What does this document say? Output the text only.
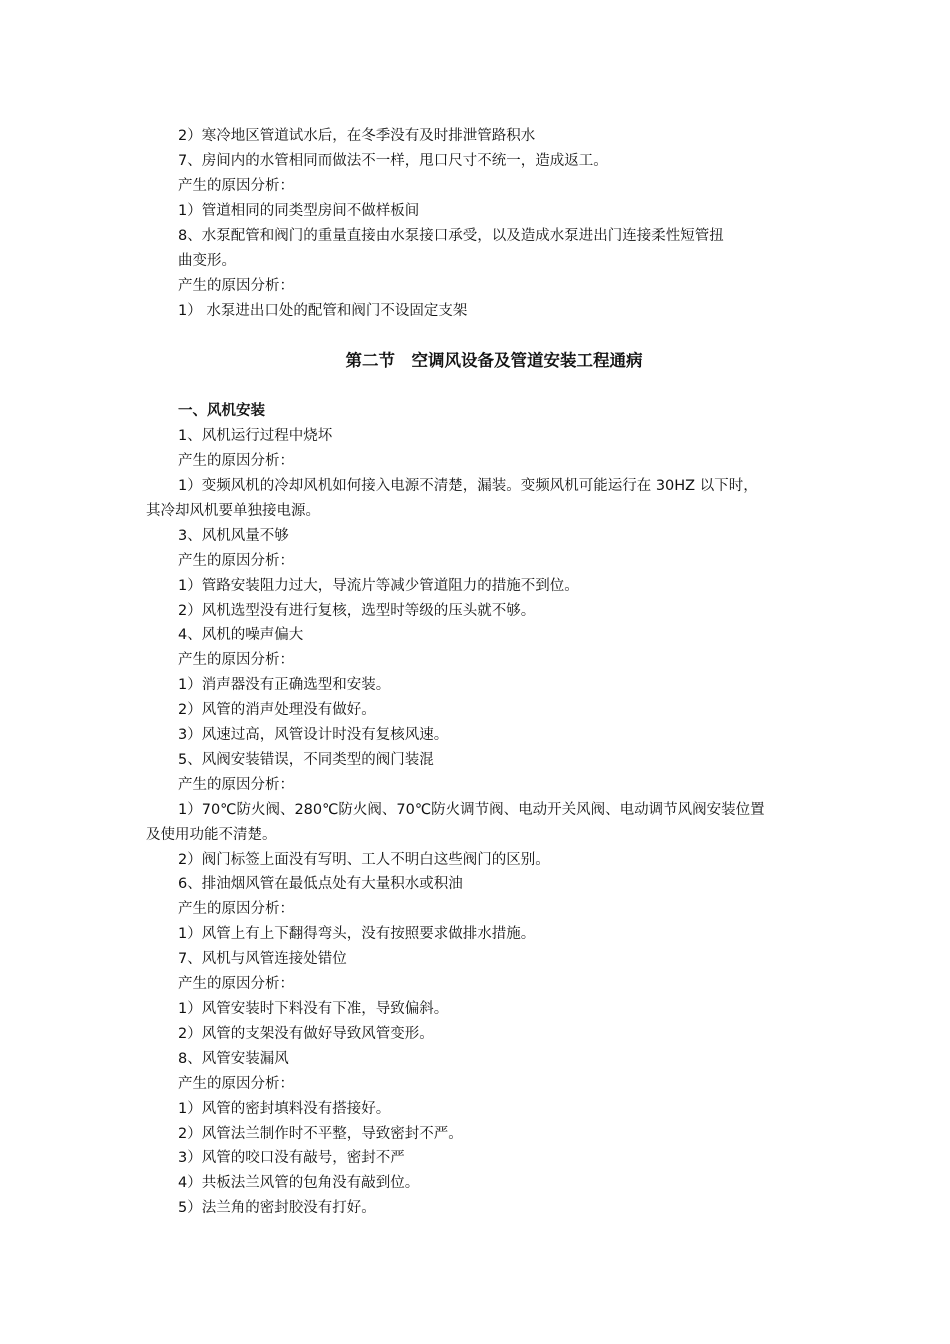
2）寒冷地区管道试水后，在冬季没有及时排泄管路积水
7、房间内的水管相同而做法不一样，甩口尺寸不统一，造成返工。
产生的原因分析：
1）管道相同的同类型房间不做样板间
8、水泵配管和阀门的重量直接由水泵接口承受，以及造成水泵进出门连接柔性短管扭
曲变形。
产生的原因分析：
1） 水泵进出口处的配管和阀门不设固定支架
第二节　空调风设备及管道安装工程通病
一、风机安装
1、风机运行过程中烧坏
产生的原因分析：
1）变频风机的冷却风机如何接入电源不清楚，漏装。变频风机可能运行在 30HZ 以下时，
其冷却风机要单独接电源。
3、风机风量不够
产生的原因分析：
1）管路安装阻力过大，导流片等减少管道阻力的措施不到位。
2）风机选型没有进行复核，选型时等级的压头就不够。
4、风机的噪声偏大
产生的原因分析：
1）消声器没有正确选型和安装。
2）风管的消声处理没有做好。
3）风速过高，风管设计时没有复核风速。
5、风阀安装错误，不同类型的阀门装混
产生的原因分析：
1）70℃防火阀、280℃防火阀、70℃防火调节阀、电动开关风阀、电动调节风阀安装位置
及使用功能不清楚。
2）阀门标签上面没有写明、工人不明白这些阀门的区别。
6、排油烟风管在最低点处有大量积水或积油
产生的原因分析：
1）风管上有上下翻得弯头，没有按照要求做排水措施。
7、风机与风管连接处错位
产生的原因分析：
1）风管安装时下料没有下准，导致偏斜。
2）风管的支架没有做好导致风管变形。
8、风管安装漏风
产生的原因分析：
1）风管的密封填料没有搭接好。
2）风管法兰制作时不平整，导致密封不严。
3）风管的咬口没有敲号，密封不严
4）共板法兰风管的包角没有敲到位。
5）法兰角的密封胶没有打好。
